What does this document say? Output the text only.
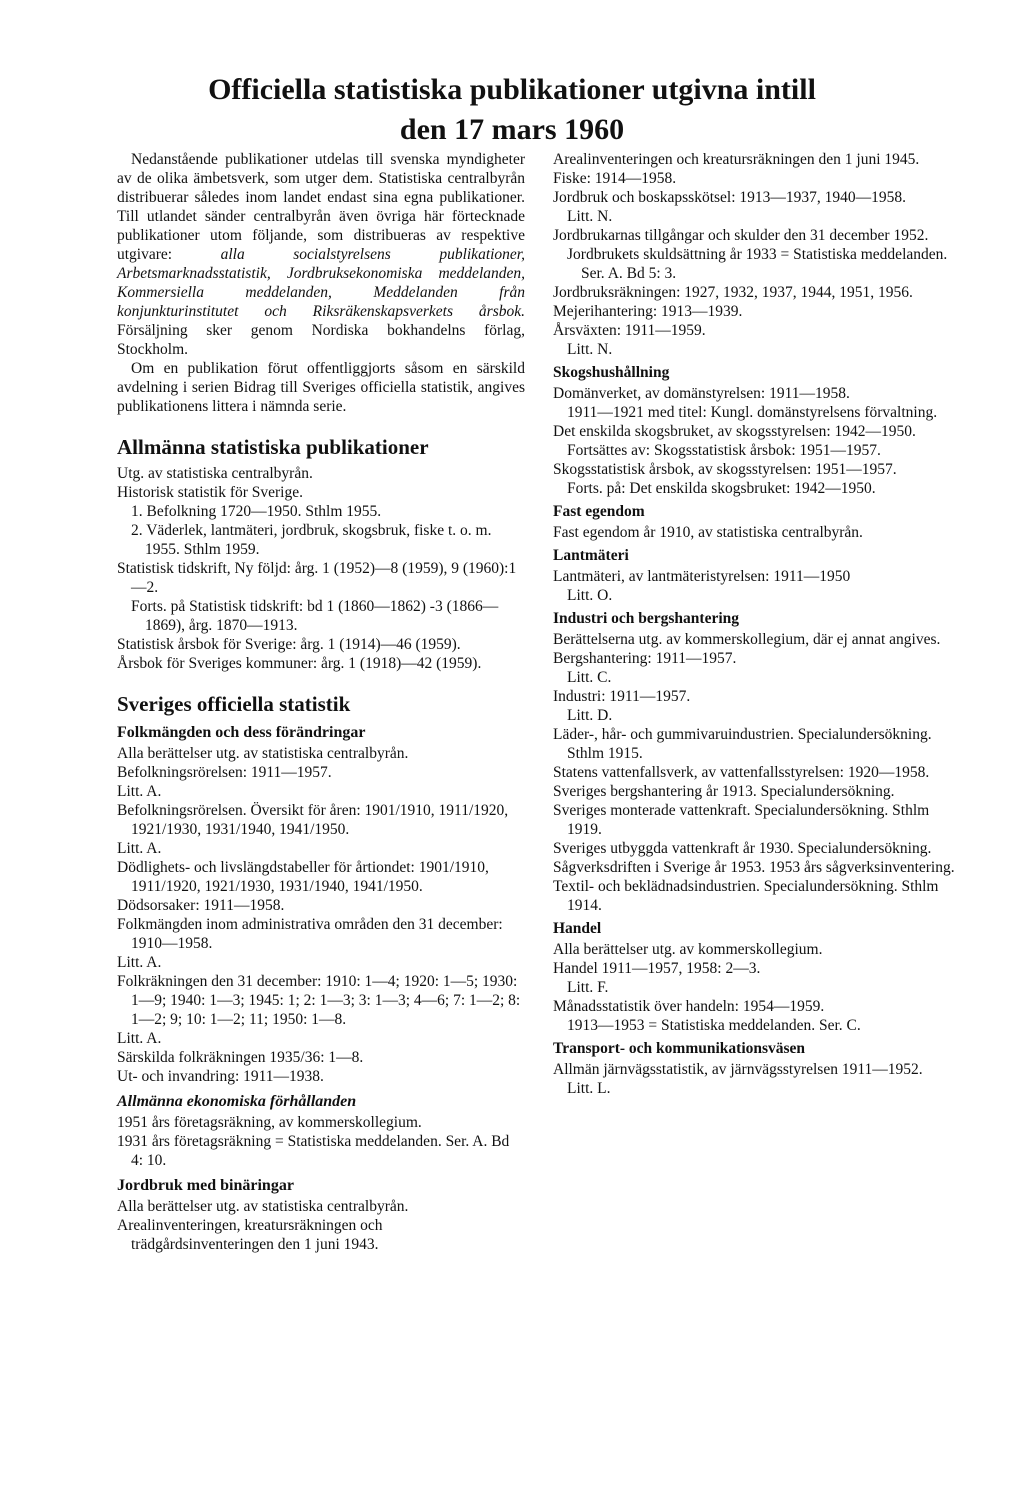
Officiella statistiska publikationer utgivna intill
den 17 mars 1960

Nedanstående publikationer utdelas till svenska myndigheter av de olika ämbetsverk, som utger dem. Statistiska centralbyrån distribuerar således inom landet endast sina egna publikationer. Till utlandet sänder centralbyrån även övriga här förtecknade publikationer utom följande, som distribueras av respektive utgivare: alla socialstyrelsens publikationer, Arbetsmarknadsstatistik, Jordbruksekonomiska meddelanden, Kommersiella meddelanden, Meddelanden från konjunkturinstitutet och Riksräkenskapsverkets årsbok. Försäljning sker genom Nordiska bokhandelns förlag, Stockholm.

Om en publikation förut offentliggjorts såsom en särskild avdelning i serien Bidrag till Sveriges officiella statistik, angives publikationens littera i nämnda serie.

Allmänna statistiska publikationer

Utg. av statistiska centralbyrån.

Historisk statistik för Sverige.

1. Befolkning 1720—1950. Sthlm 1955.

2. Väderlek, lantmäteri, jordbruk, skogsbruk, fiske t. o. m. 1955. Sthlm 1959.

Statistisk tidskrift, Ny följd: årg. 1 (1952)—8 (1959), 9 (1960):1—2.

Forts. på Statistisk tidskrift: bd 1 (1860—1862) -3 (1866—1869), årg. 1870—1913.

Statistisk årsbok för Sverige: årg. 1 (1914)—46 (1959).

Årsbok för Sveriges kommuner: årg. 1 (1918)—42 (1959).

Sveriges officiella statistik
Folkmängden och dess förändringar

Alla berättelser utg. av statistiska centralbyrån.

Befolkningsrörelsen: 1911—1957.

Litt. A.

Befolkningsrörelsen. Översikt för åren: 1901/1910, 1911/1920, 1921/1930, 1931/1940, 1941/1950.

Litt. A.

Dödlighets- och livslängdstabeller för årtiondet: 1901/1910, 1911/1920, 1921/1930, 1931/1940, 1941/1950.

Dödsorsaker: 1911—1958.

Folkmängden inom administrativa områden den 31 december: 1910—1958.

Litt. A.

Folkräkningen den 31 december: 1910: 1—4; 1920: 1—5; 1930: 1—9; 1940: 1—3; 1945: 1; 2: 1—3; 3: 1—3; 4—6; 7: 1—2; 8: 1—2; 9; 10: 1—2; 11; 1950: 1—8.

Litt. A.

Särskilda folkräkningen 1935/36: 1—8.

Ut- och invandring: 1911—1938.

Allmänna ekonomiska förhållanden

1951 års företagsräkning, av kommerskollegium.

1931 års företagsräkning = Statistiska meddelanden. Ser. A. Bd 4: 10.

Jordbruk med binäringar

Alla berättelser utg. av statistiska centralbyrån.

Arealinventeringen, kreatursräkningen och trädgårdsinventeringen den 1 juni 1943.

Arealinventeringen och kreatursräkningen den 1 juni 1945.

Fiske: 1914—1958.

Jordbruk och boskapsskötsel: 1913—1937, 1940—1958.

Litt. N.

Jordbrukarnas tillgångar och skulder den 31 december 1952.

Jordbrukets skuldsättning år 1933 = Statistiska meddelanden. Ser. A. Bd 5: 3.

Jordbruksräkningen: 1927, 1932, 1937, 1944, 1951, 1956.

Mejerihantering: 1913—1939.

Årsväxten: 1911—1959.

Litt. N.

Skogshushållning

Domänverket, av domänstyrelsen: 1911—1958.

1911—1921 med titel: Kungl. domänstyrelsens förvaltning.

Det enskilda skogsbruket, av skogsstyrelsen: 1942—1950.

Fortsättes av: Skogsstatistisk årsbok: 1951—1957.

Skogsstatistisk årsbok, av skogsstyrelsen: 1951—1957.

Forts. på: Det enskilda skogsbruket: 1942—1950.

Fast egendom

Fast egendom år 1910, av statistiska centralbyrån.

Lantmäteri

Lantmäteri, av lantmäteristyrelsen: 1911—1950

Litt. O.

Industri och bergshantering

Berättelserna utg. av kommerskollegium, där ej annat angives.

Bergshantering: 1911—1957.

Litt. C.

Industri: 1911—1957.

Litt. D.

Läder-, hår- och gummivaruindustrien. Specialundersökning. Sthlm 1915.

Statens vattenfallsverk, av vattenfallsstyrelsen: 1920—1958.

Sveriges bergshantering år 1913. Specialundersökning.

Sveriges monterade vattenkraft. Specialundersökning. Sthlm 1919.

Sveriges utbyggda vattenkraft år 1930. Specialundersökning.

Sågverksdriften i Sverige år 1953. 1953 års sågverksinventering.

Textil- och beklädnadsindustrien. Specialundersökning. Sthlm 1914.

Handel

Alla berättelser utg. av kommerskollegium.

Handel 1911—1957, 1958: 2—3.

Litt. F.

Månadsstatistik över handeln: 1954—1959.

1913—1953 = Statistiska meddelanden. Ser. C.

Transport- och kommunikationsväsen

Allmän järnvägsstatistik, av järnvägsstyrelsen 1911—1952.

Litt. L.
